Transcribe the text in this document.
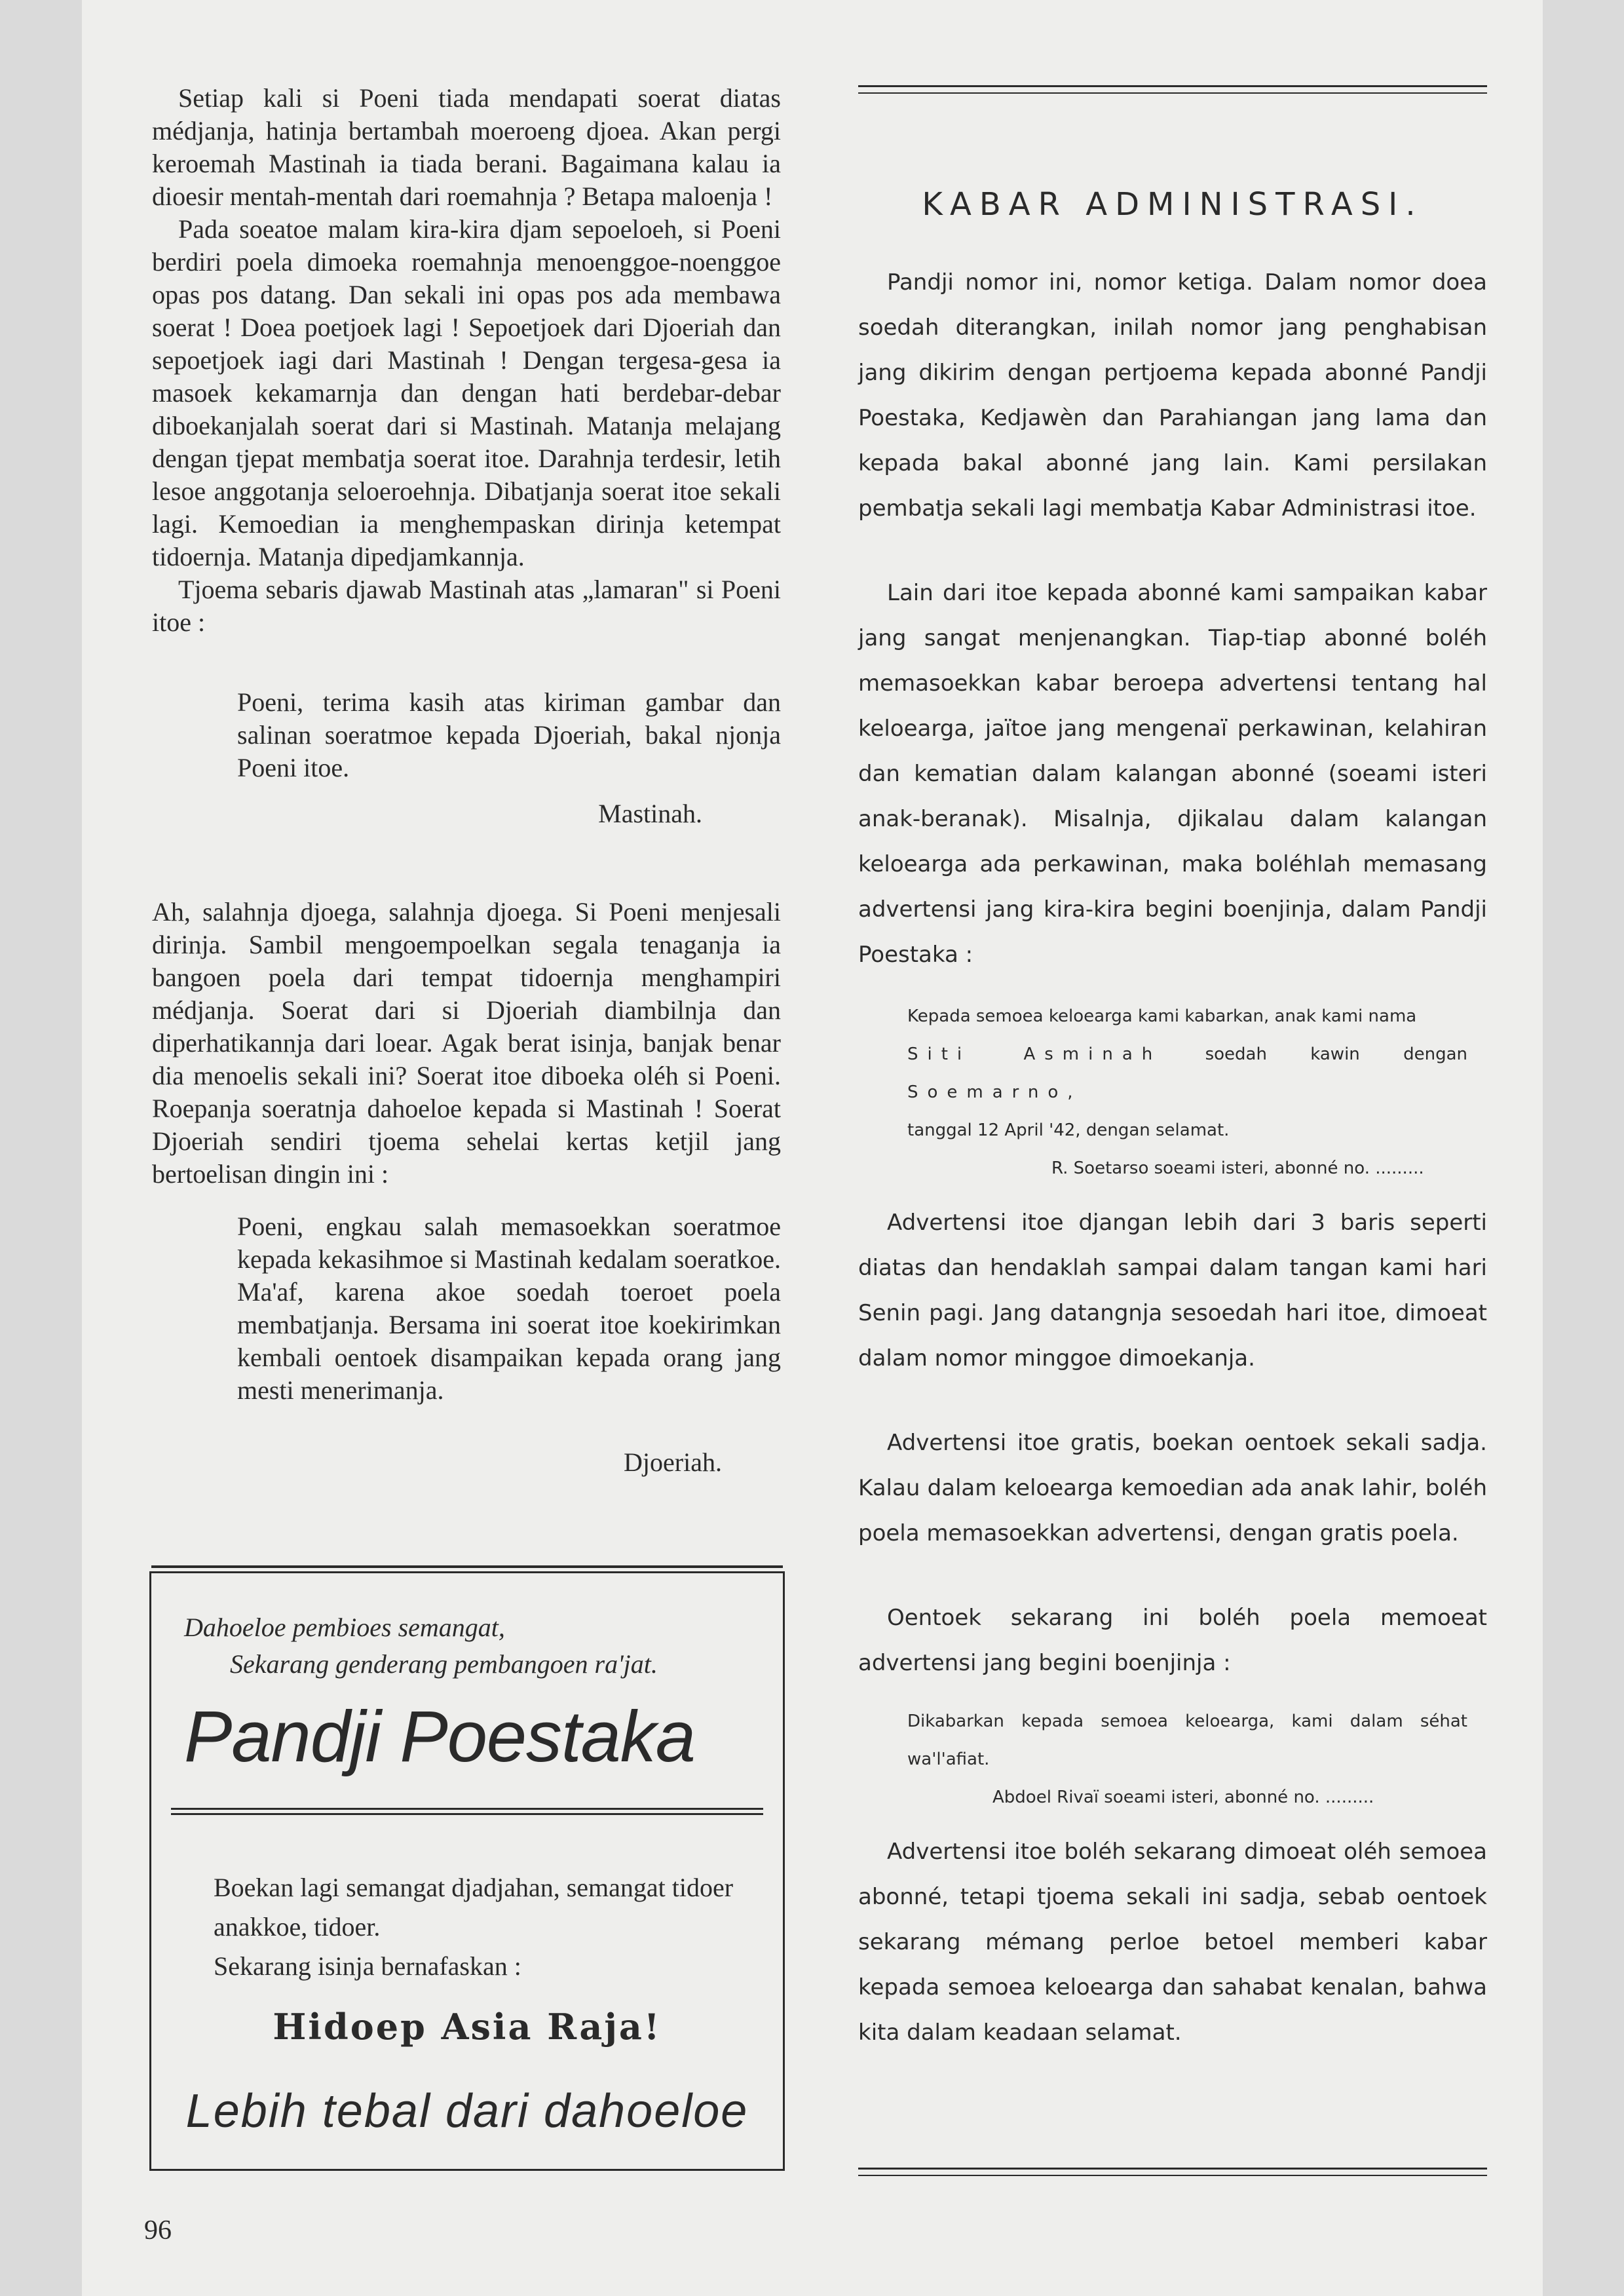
Setiap kali si Poeni tiada mendapati soerat diatas médjanja, hatinja bertambah moeroeng djoea. Akan pergi keroemah Mastinah ia tiada berani. Bagaimana kalau ia dioesir mentah-mentah dari roemahnja ? Betapa maloenja !

Pada soeatoe malam kira-kira djam sepoeloeh, si Poeni berdiri poela dimoeka roemahnja menoenggoe-noenggoe opas pos datang. Dan sekali ini opas pos ada membawa soerat ! Doea poetjoek lagi ! Sepoetjoek dari Djoeriah dan sepoetjoek iagi dari Mastinah ! Dengan tergesa-gesa ia masoek kekamarnja dan dengan hati berdebar-debar diboekanjalah soerat dari si Mastinah. Matanja melajang dengan tjepat membatja soerat itoe. Darahnja terdesir, letih lesoe anggotanja seloeroehnja. Dibatjanja soerat itoe sekali lagi. Kemoedian ia menghempaskan dirinja ketempat tidoernja. Matanja dipedjamkannja.

Tjoema sebaris djawab Mastinah atas „lamaran" si Poeni itoe :

Poeni, terima kasih atas kiriman gambar dan salinan soeratmoe kepada Djoeriah, bakal njonja Poeni itoe.

Mastinah.

Ah, salahnja djoega, salahnja djoega. Si Poeni menjesali dirinja. Sambil mengoempoelkan segala tenaganja ia bangoen poela dari tempat tidoernja menghampiri médjanja. Soerat dari si Djoeriah diambilnja dan diperhatikannja dari loear. Agak berat isinja, banjak benar dia menoelis sekali ini? Soerat itoe diboeka oléh si Poeni. Roepanja soeratnja dahoeloe kepada si Mastinah ! Soerat Djoeriah sendiri tjoema sehelai kertas ketjil jang bertoelisan dingin ini :

Poeni, engkau salah memasoekkan soeratmoe kepada kekasihmoe si Mastinah kedalam soeratkoe. Ma'af, karena akoe soedah toeroet poela membatjanja. Bersama ini soerat itoe koekirimkan kembali oentoek disampaikan kepada orang jang mesti menerimanja.

Djoeriah.

Dahoeloe pembioes semangat,
Sekarang genderang pembangoen ra'jat.
Pandji Poestaka
Boekan lagi semangat djadjahan, semangat tidoer anakkoe, tidoer.
Sekarang isinja bernafaskan :
Hidoep Asia Raja!
Lebih tebal dari dahoeloe
KABAR ADMINISTRASI.

Pandji nomor ini, nomor ketiga. Dalam nomor doea soedah diterangkan, inilah nomor jang penghabisan jang dikirim dengan pertjoema kepada abonné Pandji Poestaka, Kedjawèn dan Parahiangan jang lama dan kepada bakal abonné jang lain. Kami persilakan pembatja sekali lagi membatja Kabar Administrasi itoe.

Lain dari itoe kepada abonné kami sampaikan kabar jang sangat menjenangkan. Tiap-tiap abonné boléh memasoekkan kabar beroepa advertensi tentang hal keloearga, jaïtoe jang mengenaï perkawinan, kelahiran dan kematian dalam kalangan abonné (soeami isteri anak-beranak). Misalnja, djikalau dalam kalangan keloearga ada perkawinan, maka boléhlah memasang advertensi jang kira-kira begini boenjinja, dalam Pandji Poestaka :

Kepada semoea keloearga kami kabarkan, anak kami nama
Siti Asminah	soedah kawin dengan Soemarno,
tanggal 12 April '42, dengan selamat.
R. Soetarso soeami isteri, abonné no. .........

Advertensi itoe djangan lebih dari 3 baris seperti diatas dan hendaklah sampai dalam tangan kami hari Senin pagi. Jang datangnja sesoedah hari itoe, dimoeat dalam nomor minggoe dimoekanja.

Advertensi itoe gratis, boekan oentoek sekali sadja. Kalau dalam keloearga kemoedian ada anak lahir, boléh poela memasoekkan advertensi, dengan gratis poela.

Oentoek sekarang ini boléh poela memoeat advertensi jang begini boenjinja :

Dikabarkan kepada semoea keloearga, kami dalam séhat wa'l'afiat.
Abdoel Rivaï soeami isteri, abonné no. .........

Advertensi itoe boléh sekarang dimoeat oléh semoea abonné, tetapi tjoema sekali ini sadja, sebab oentoek sekarang mémang perloe betoel memberi kabar kepada semoea keloearga dan sahabat kenalan, bahwa kita dalam keadaan selamat.

96
